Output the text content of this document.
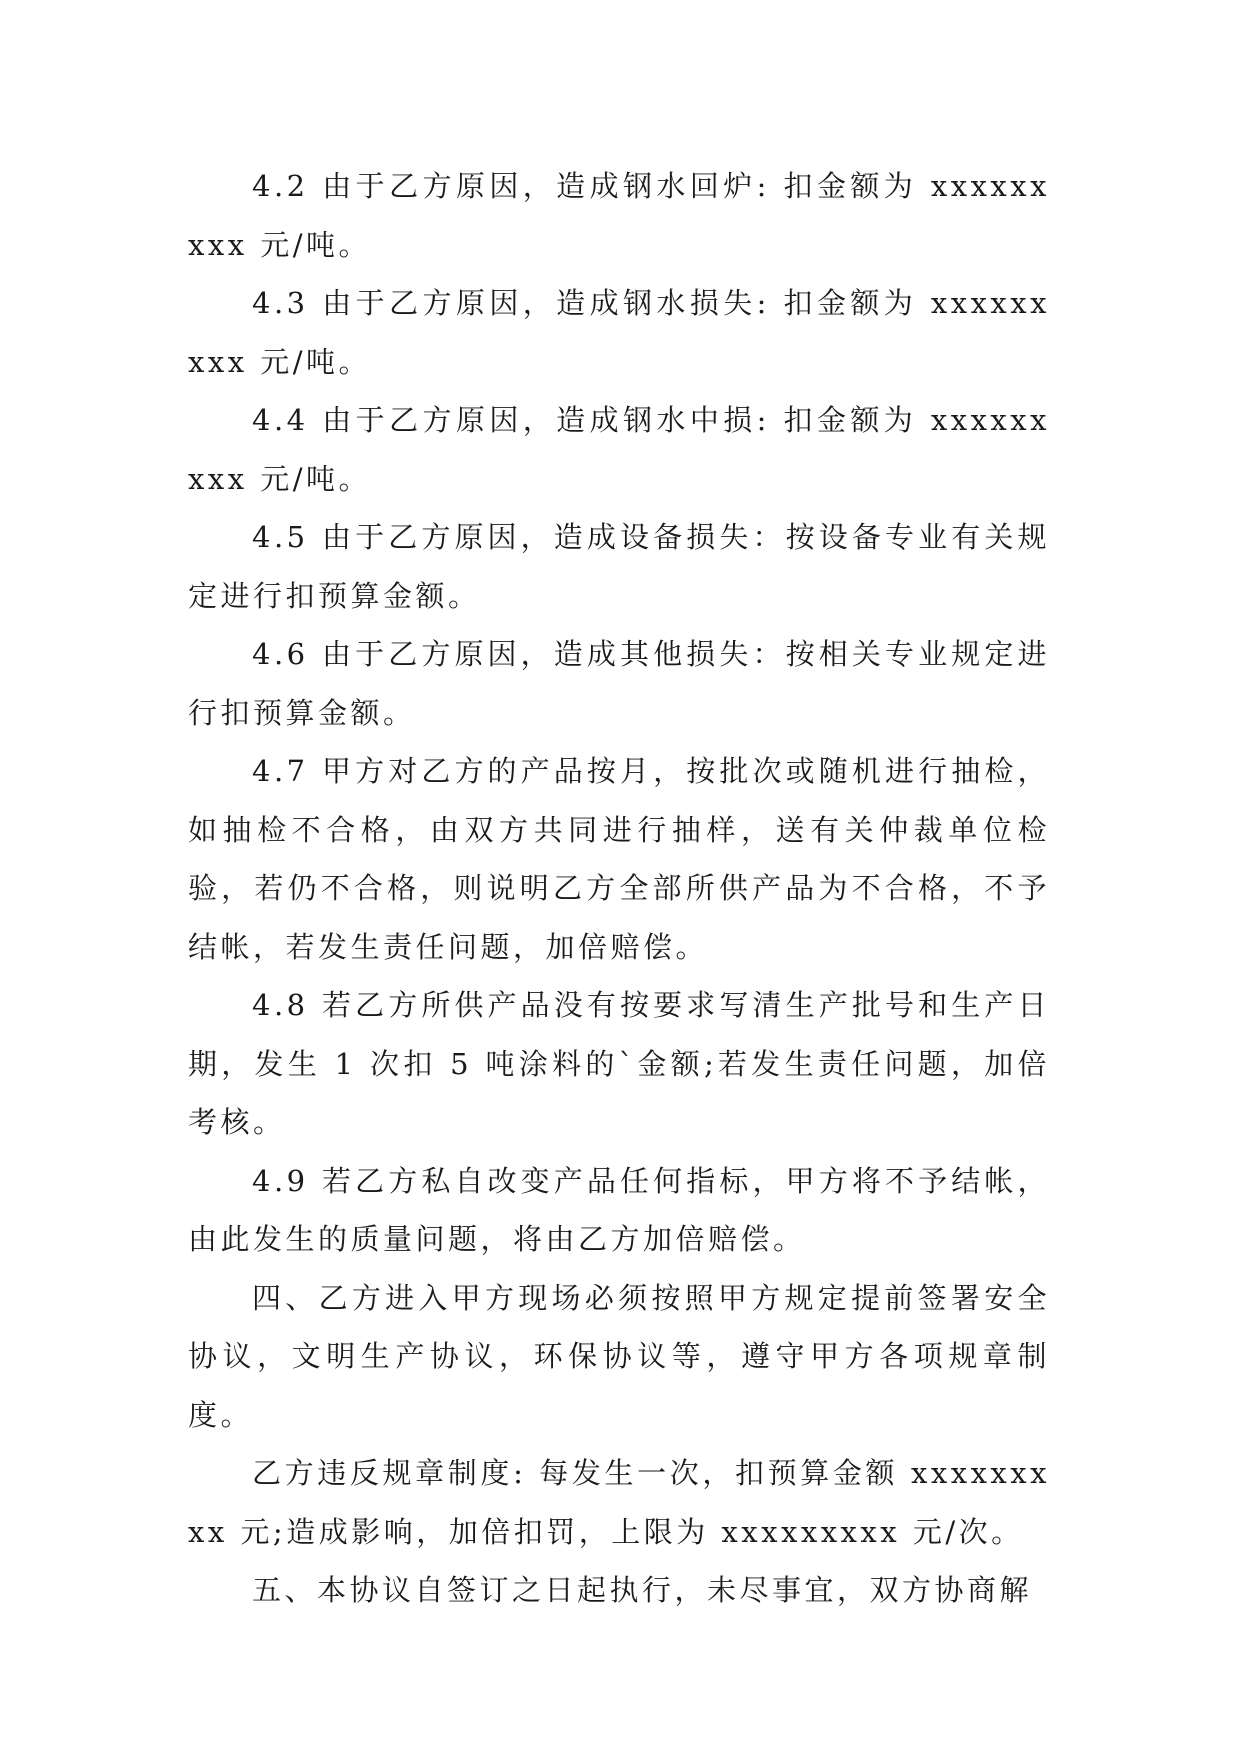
4.2 由于乙方原因，造成钢水回炉: 扣金额为 xxxxxxxxx 元/吨。

4.3 由于乙方原因，造成钢水损失: 扣金额为 xxxxxxxxx 元/吨。

4.4 由于乙方原因，造成钢水中损: 扣金额为 xxxxxxxxx 元/吨。

4.5 由于乙方原因，造成设备损失：按设备专业有关规定进行扣预算金额。

4.6 由于乙方原因，造成其他损失：按相关专业规定进行扣预算金额。

4.7 甲方对乙方的产品按月，按批次或随机进行抽检，如抽检不合格，由双方共同进行抽样，送有关仲裁单位检验，若仍不合格，则说明乙方全部所供产品为不合格，不予结帐，若发生责任问题，加倍赔偿。

4.8 若乙方所供产品没有按要求写清生产批号和生产日期，发生 1 次扣 5 吨涂料的`金额;若发生责任问题，加倍考核。

4.9 若乙方私自改变产品任何指标，甲方将不予结帐，由此发生的质量问题，将由乙方加倍赔偿。

四、乙方进入甲方现场必须按照甲方规定提前签署安全协议，文明生产协议，环保协议等，遵守甲方各项规章制度。

乙方违反规章制度: 每发生一次，扣预算金额 xxxxxxxxx 元;造成影响，加倍扣罚，上限为 xxxxxxxxx 元/次。

五、本协议自签订之日起执行，未尽事宜，双方协商解
